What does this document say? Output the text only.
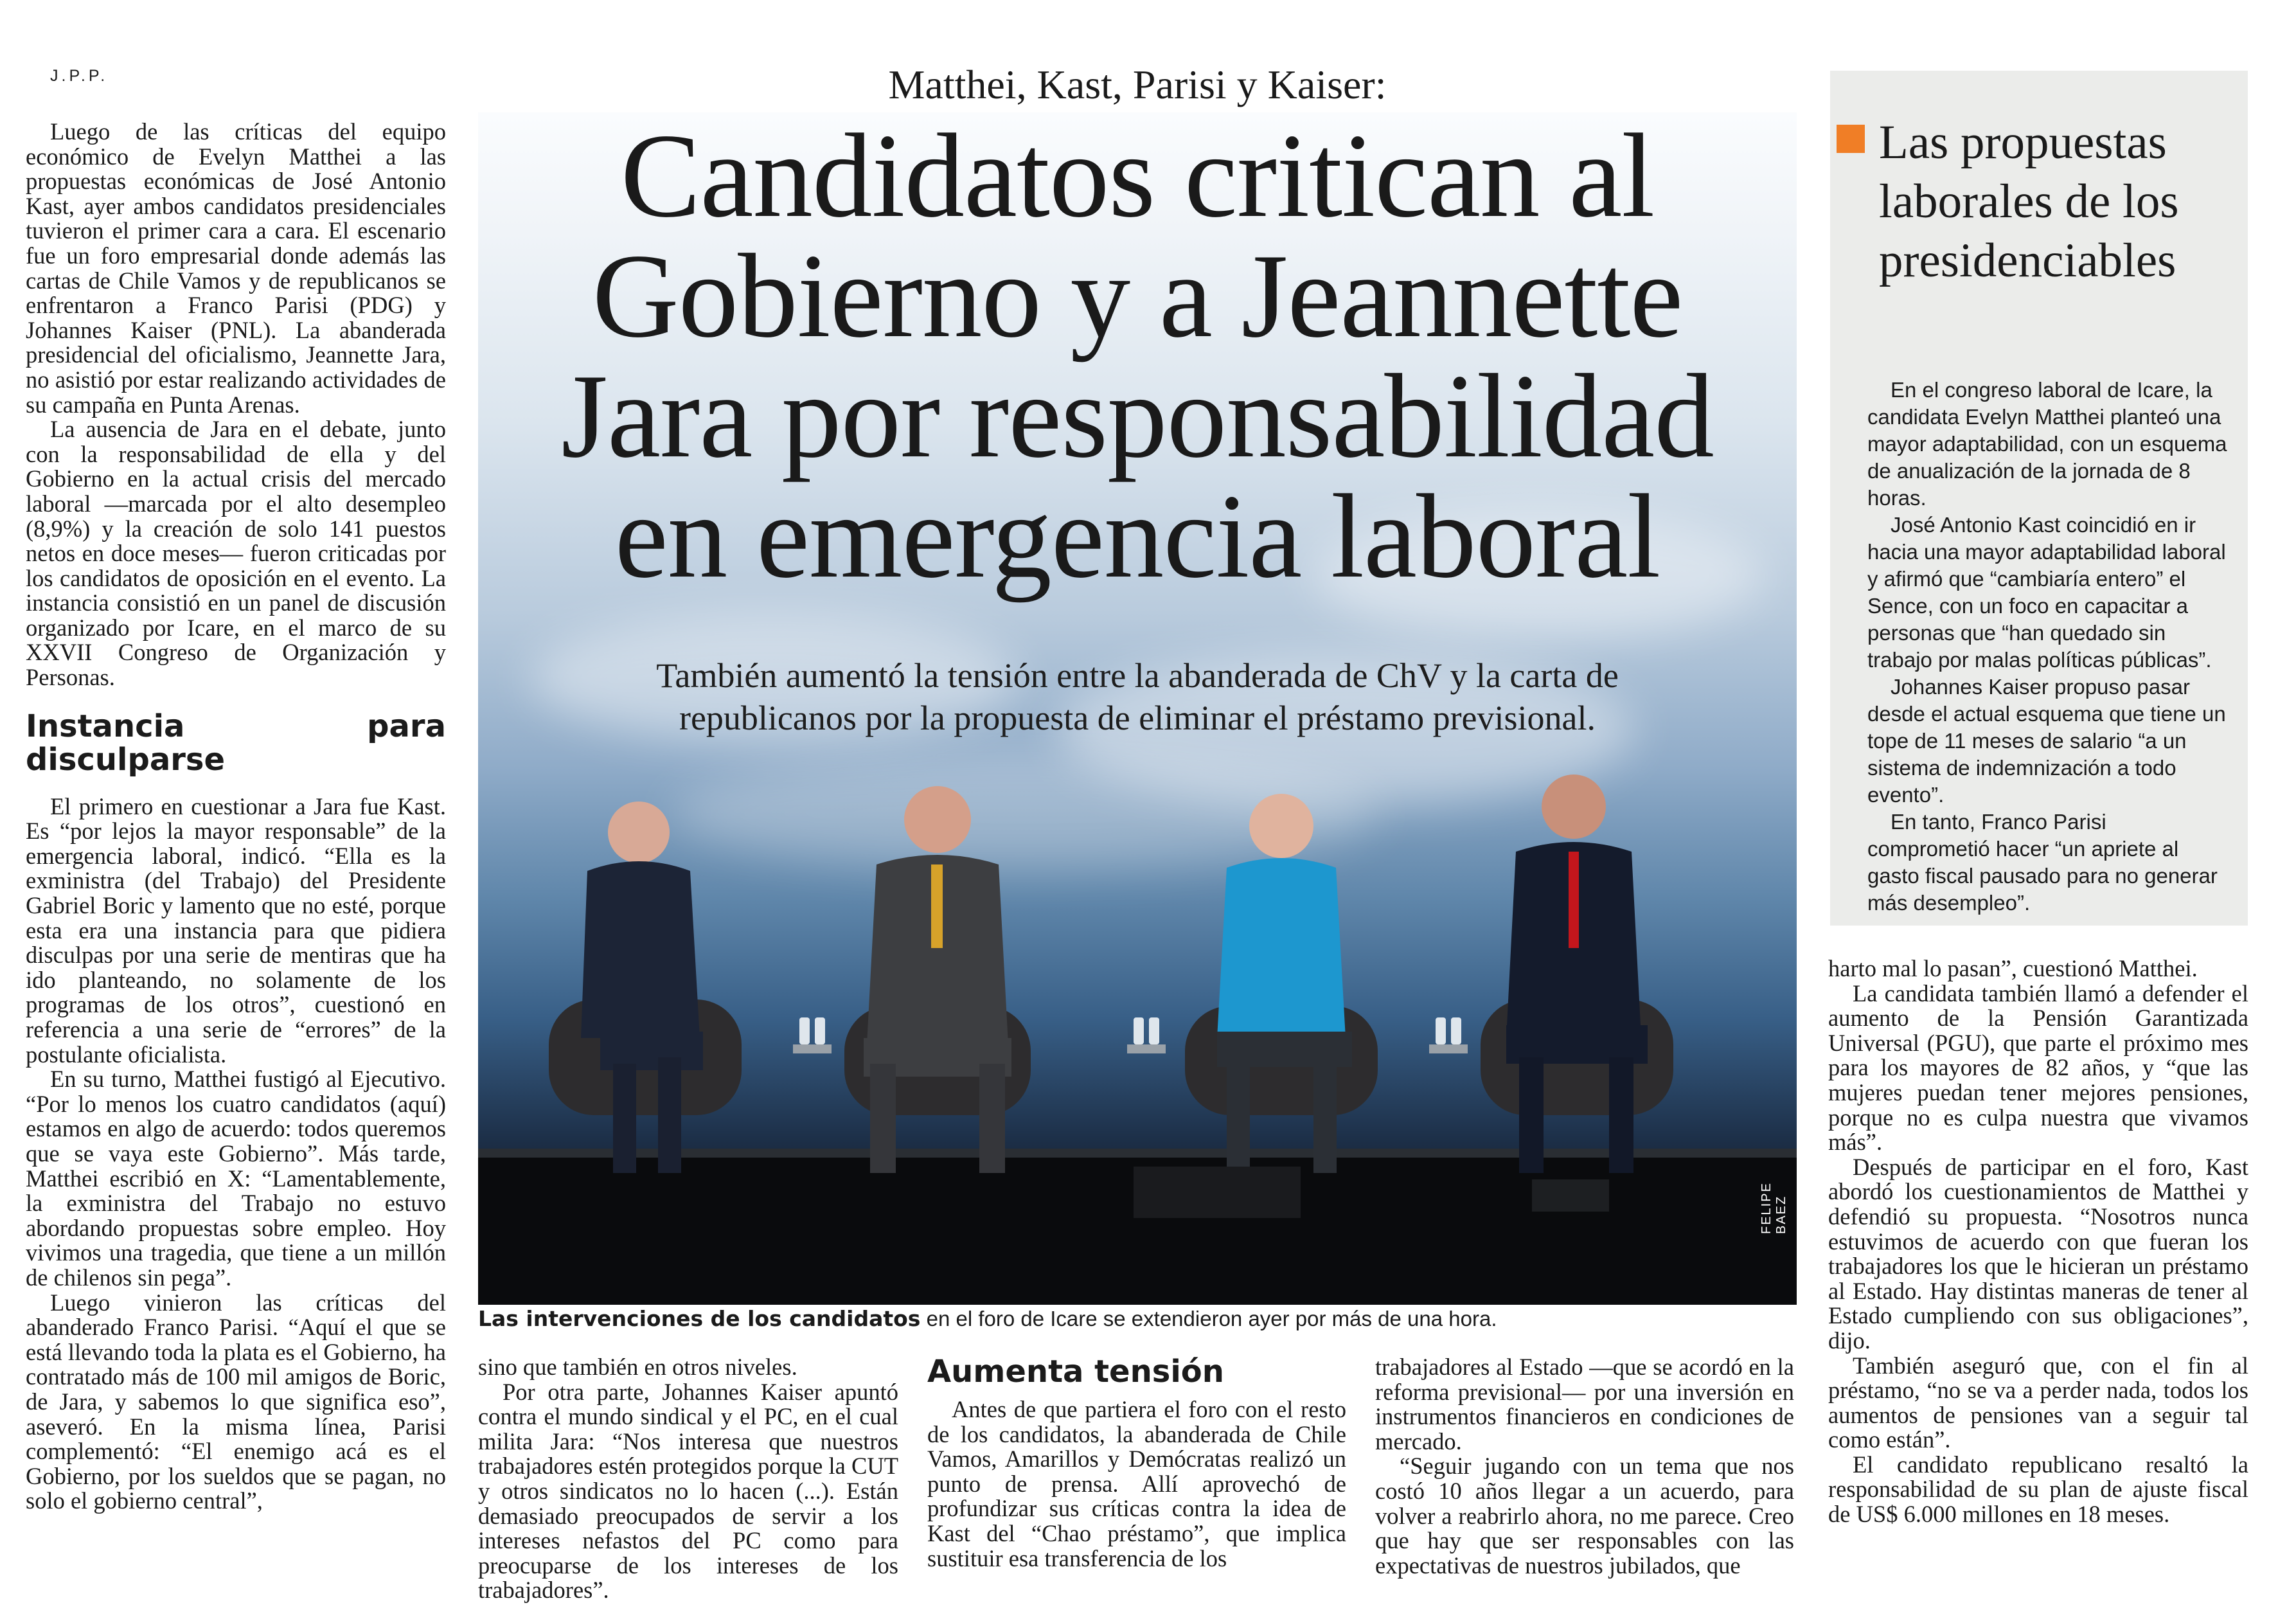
J.P.P.

Luego de las críticas del equipo económico de Evelyn Matthei a las propuestas económicas de José Antonio Kast, ayer ambos candidatos presidenciales tuvieron el primer cara a cara. El escenario fue un foro empresarial donde además las cartas de Chile Vamos y de republicanos se enfrentaron a Franco Parisi (PDG) y Johannes Kaiser (PNL). La abanderada presidencial del oficialismo, Jeannette Jara, no asistió por estar realizando actividades de su campaña en Punta Arenas.

La ausencia de Jara en el debate, junto con la responsabilidad de ella y del Gobierno en la actual crisis del mercado laboral —marcada por el alto desempleo (8,9%) y la creación de solo 141 puestos netos en doce meses— fueron criticadas por los candidatos de oposición en el evento. La instancia consistió en un panel de discusión organizado por Icare, en el marco de su XXVII Congreso de Organización y Personas.

Instancia para disculparse

El primero en cuestionar a Jara fue Kast. Es “por lejos la mayor responsable” de la emergencia laboral, indicó. “Ella es la exministra (del Trabajo) del Presidente Gabriel Boric y lamento que no esté, porque esta era una instancia para que pidiera disculpas por una serie de mentiras que ha ido planteando, no solamente de los programas de los otros”, cuestionó en referencia a una serie de “errores” de la postulante oficialista.

En su turno, Matthei fustigó al Ejecutivo. “Por lo menos los cuatro candidatos (aquí) estamos en algo de acuerdo: todos queremos que se vaya este Gobierno”. Más tarde, Matthei escribió en X: “Lamentablemente, la exministra del Trabajo no estuvo abordando propuestas sobre empleo. Hoy vivimos una tragedia, que tiene a un millón de chilenos sin pega”.

Luego vinieron las críticas del abanderado Franco Parisi. “Aquí el que se está llevando toda la plata es el Gobierno, ha contratado más de 100 mil amigos de Boric, de Jara, y sabemos lo que significa eso”, aseveró. En la misma línea, Parisi complementó: “El enemigo acá es el Gobierno, por los sueldos que se pagan, no solo el gobierno central”,

Matthei, Kast, Parisi y Kaiser:
Candidatos critican al
Gobierno y a Jeannette
Jara por responsabilidad
en emergencia laboral
También aumentó la tensión entre la abanderada de ChV y la carta de
republicanos por la propuesta de eliminar el préstamo previsional.
FELIPE BAEZ
Las intervenciones de los candidatos en el foro de Icare se extendieron ayer por más de una hora.
Las propuestas
laborales de los
presidenciables

En el congreso laboral de Icare, la candidata Evelyn Matthei planteó una mayor adaptabilidad, con un esquema de anualización de la jornada de 8 horas.

José Antonio Kast coincidió en ir hacia una mayor adaptabilidad laboral y afirmó que “cambiaría entero” el Sence, con un foco en capacitar a personas que “han quedado sin trabajo por malas políticas públicas”.

Johannes Kaiser propuso pasar desde el actual esquema que tiene un tope de 11 meses de salario “a un sistema de indemnización a todo evento”.

En tanto, Franco Parisi comprometió hacer “un apriete al gasto fiscal pausado para no generar más desempleo”.

sino que también en otros niveles.

Por otra parte, Johannes Kaiser apuntó contra el mundo sindical y el PC, en el cual milita Jara: “Nos interesa que nuestros trabajadores estén protegidos porque la CUT y otros sindicatos no lo hacen (...). Están demasiado preocupados de servir a los intereses nefastos del PC como para preocuparse de los intereses de los trabajadores”.

Aumenta tensión

Antes de que partiera el foro con el resto de los candidatos, la abanderada de Chile Vamos, Amarillos y Demócratas realizó un punto de prensa. Allí aprovechó de profundizar sus críticas contra la idea de Kast del “Chao préstamo”, que implica sustituir esa transferencia de los

trabajadores al Estado —que se acordó en la reforma previsional— por una inversión en instrumentos financieros en condiciones de mercado.

“Seguir jugando con un tema que nos costó 10 años llegar a un acuerdo, para volver a reabrirlo ahora, no me parece. Creo que hay que ser responsables con las expectativas de nuestros jubilados, que

harto mal lo pasan”, cuestionó Matthei.

La candidata también llamó a defender el aumento de la Pensión Garantizada Universal (PGU), que parte el próximo mes para los mayores de 82 años, y “que las mujeres puedan tener mejores pensiones, porque no es culpa nuestra que vivamos más”.

Después de participar en el foro, Kast abordó los cuestionamientos de Matthei y defendió su propuesta. “Nosotros nunca estuvimos de acuerdo con que fueran los trabajadores los que le hicieran un préstamo al Estado. Hay distintas maneras de tener al Estado cumpliendo con sus obligaciones”, dijo.

También aseguró que, con el fin al préstamo, “no se va a perder nada, todos los aumentos de pensiones van a seguir tal como están”.

El candidato republicano resaltó la responsabilidad de su plan de ajuste fiscal de US$ 6.000 millones en 18 meses.
